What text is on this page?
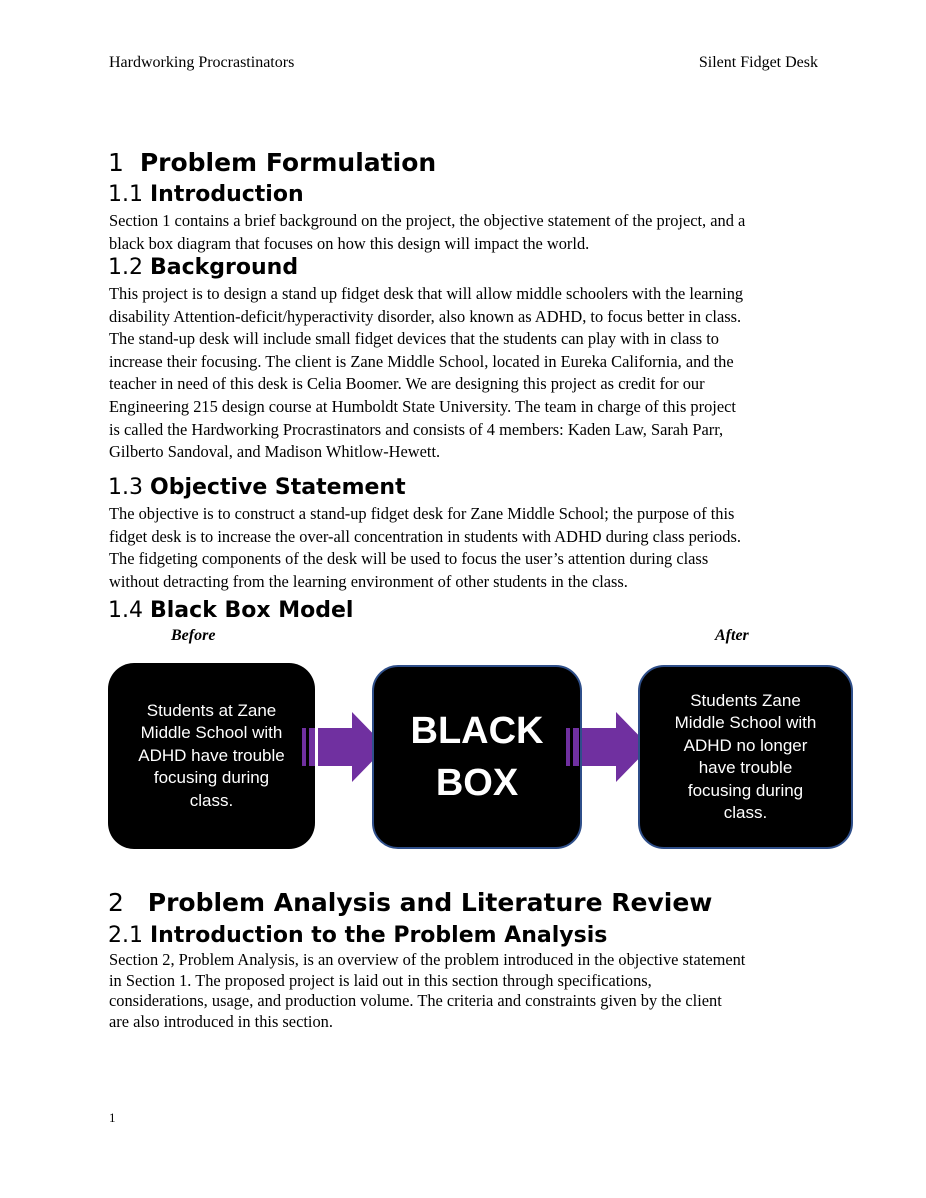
Hardworking Procrastinators	Silent Fidget Desk
1 Problem Formulation
1.1 Introduction
Section 1 contains a brief background on the project, the objective statement of the project, and a
black box diagram that focuses on how this design will impact the world.
1.2 Background
This project is to design a stand up fidget desk that will allow middle schoolers with the learning
disability Attention-deficit/hyperactivity disorder, also known as ADHD, to focus better in class.
The stand-up desk will include small fidget devices that the students can play with in class to
increase their focusing. The client is Zane Middle School, located in Eureka California, and the
teacher in need of this desk is Celia Boomer. We are designing this project as credit for our
Engineering 215 design course at Humboldt State University. The team in charge of this project
is called the Hardworking Procrastinators and consists of 4 members: Kaden Law, Sarah Parr,
Gilberto Sandoval, and Madison Whitlow-Hewett.
1.3 Objective Statement
The objective is to construct a stand-up fidget desk for Zane Middle School; the purpose of this
fidget desk is to increase the over-all concentration in students with ADHD during class periods.
The fidgeting components of the desk will be used to focus the user’s attention during class
without detracting from the learning environment of other students in the class.
1.4 Black Box Model
Before	After
Students at Zane
Middle School with
ADHD have trouble
focusing during
class.
BLACK
BOX
Students Zane
Middle School with
ADHD no longer
have trouble
focusing during
class.
2 Problem Analysis and Literature Review
2.1 Introduction to the Problem Analysis
Section 2, Problem Analysis, is an overview of the problem introduced in the objective statement
in Section 1. The proposed project is laid out in this section through specifications,
considerations, usage, and production volume. The criteria and constraints given by the client
are also introduced in this section.
1
